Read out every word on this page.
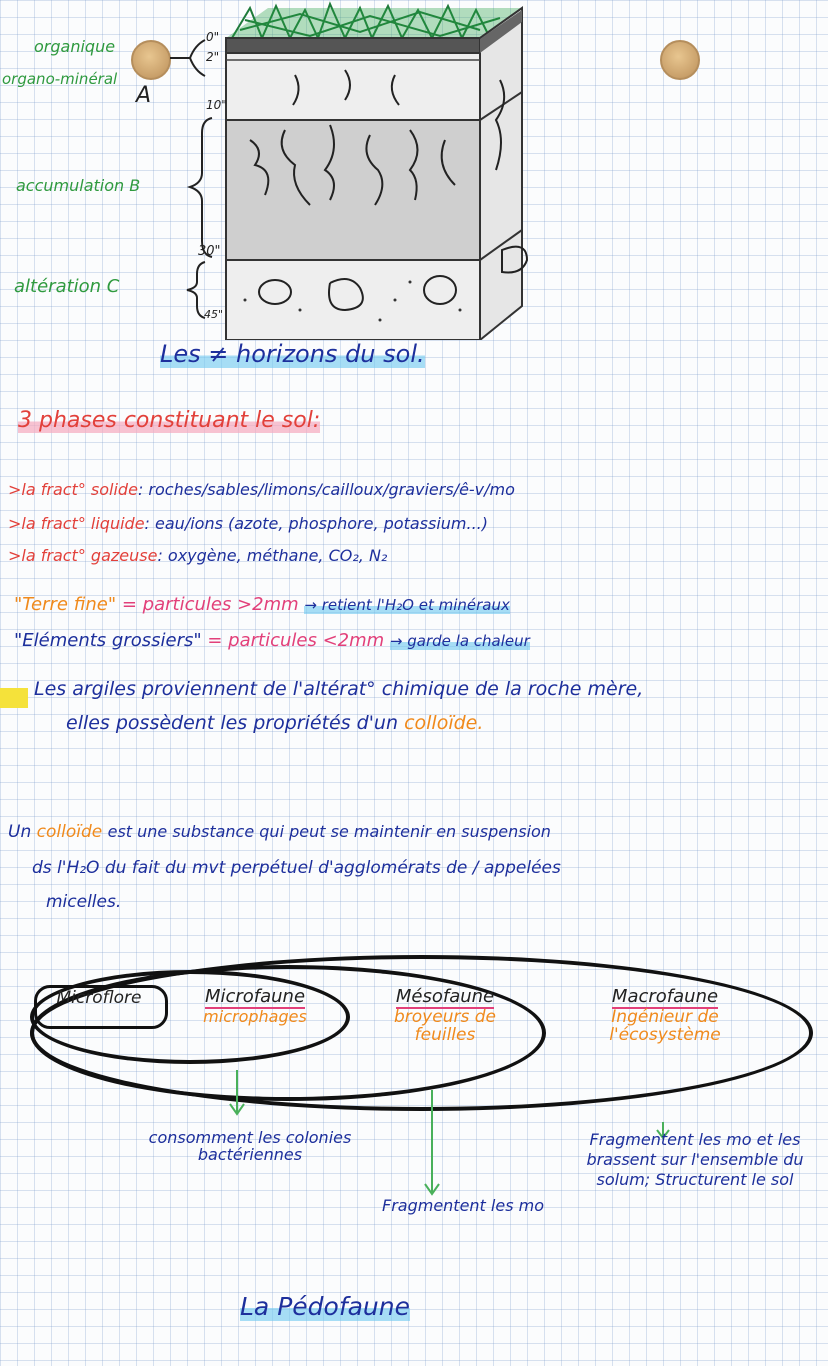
organique
organo-minéral
A
accumulation B
altération C
0"
2"
10"
30"
45"
Les ≠ horizons du sol.
3 phases constituant le sol:
>la fract° solide: roches/sables/limons/cailloux/graviers/ê-v/mo
>la fract° liquide: eau/ions (azote, phosphore, potassium...)
>la fract° gazeuse: oxygène, méthane, CO₂, N₂
"Terre fine" = particules >2mm → retient l'H₂O et minéraux
"Eléments grossiers" = particules <2mm → garde la chaleur
Les argiles proviennent de l'altérat° chimique de la roche mère,
elles possèdent les propriétés d'un colloïde.
Un colloïde est une substance qui peut se maintenir en suspension
ds l'H₂O du fait du mvt perpétuel d'agglomérats de ∕ appelées
micelles.
Microflore	Microfaune
microphages
Mésofaune
broyeurs de feuilles
Macrofaune
Ingénieur de l'écosystème
consomment les colonies bactériennes
Fragmentent les mo
Fragmentent les mo et les brassent sur l'ensemble du solum; Structurent le sol
La Pédofaune
